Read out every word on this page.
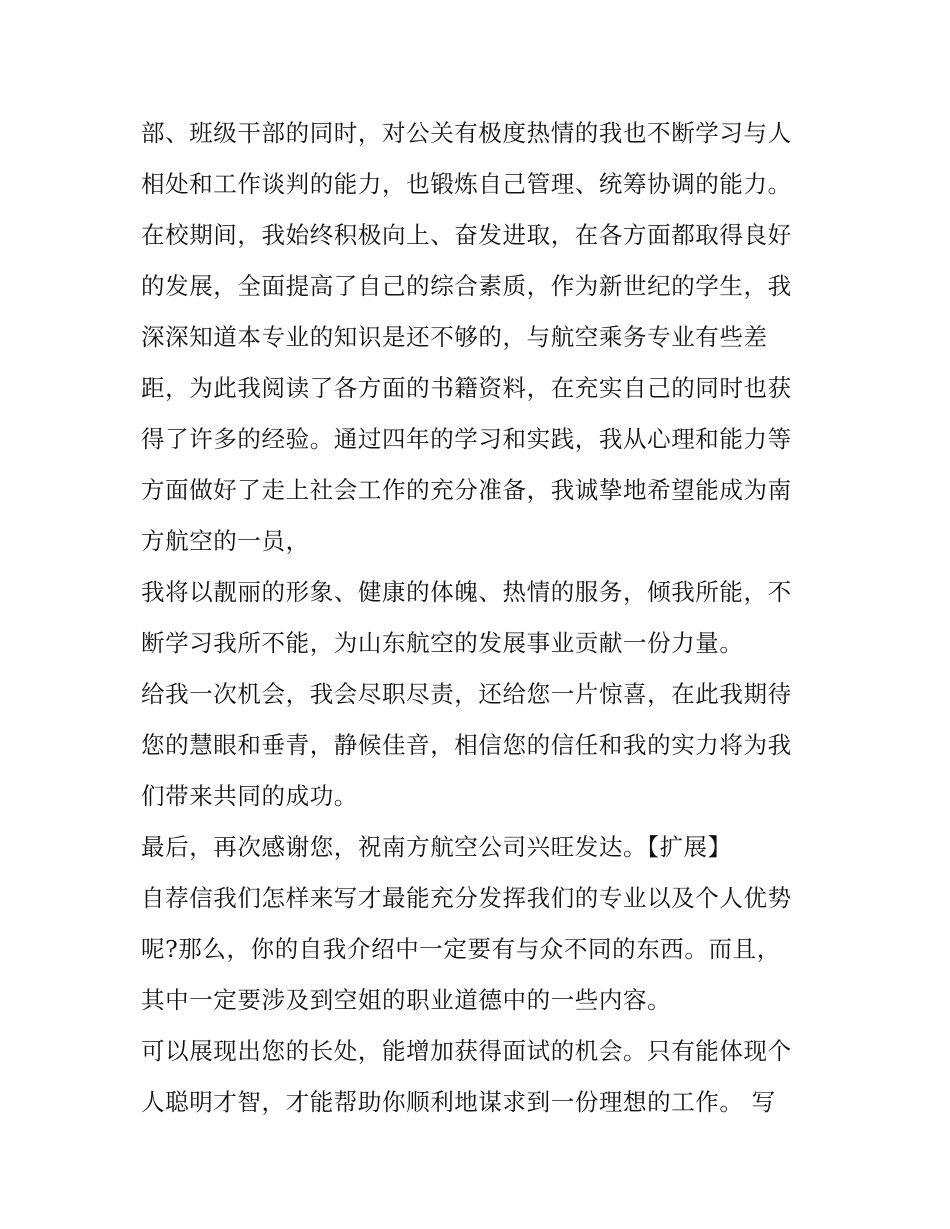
部、班级干部的同时，对公关有极度热情的我也不断学习与人
相处和工作谈判的能力，也锻炼自己管理、统筹协调的能力。
在校期间，我始终积极向上、奋发进取，在各方面都取得良好
的发展，全面提高了自己的综合素质，作为新世纪的学生，我
深深知道本专业的知识是还不够的，与航空乘务专业有些差
距，为此我阅读了各方面的书籍资料，在充实自己的同时也获
得了许多的经验。通过四年的学习和实践，我从心理和能力等
方面做好了走上社会工作的充分准备，我诚挚地希望能成为南
方航空的一员，
我将以靓丽的形象、健康的体魄、热情的服务，倾我所能，不
断学习我所不能，为山东航空的发展事业贡献一份力量。
给我一次机会，我会尽职尽责，还给您一片惊喜，在此我期待
您的慧眼和垂青，静候佳音，相信您的信任和我的实力将为我
们带来共同的成功。
最后，再次感谢您，祝南方航空公司兴旺发达。【扩展】
自荐信我们怎样来写才最能充分发挥我们的专业以及个人优势
呢?那么，你的自我介绍中一定要有与众不同的东西。而且，
其中一定要涉及到空姐的职业道德中的一些内容。
可以展现出您的长处，能增加获得面试的机会。只有能体现个
人聪明才智，才能帮助你顺利地谋求到一份理想的工作。 写
